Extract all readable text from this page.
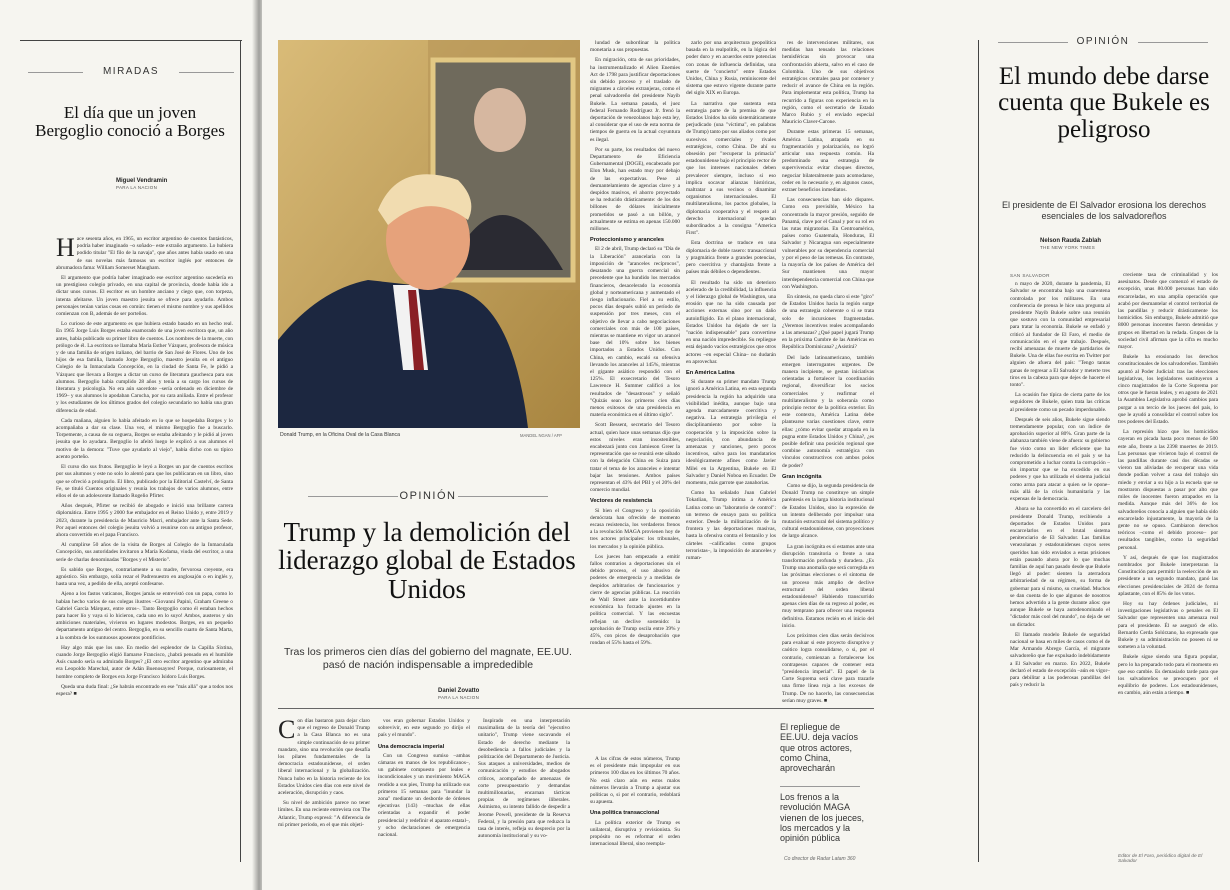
MIRADAS
El día que un joven Bergoglio conoció a Borges
Miguel Vendramin
PARA LA NACION

Hace sesenta años, en 1965, un escritor argentino de cuentos fantásticos, podría haber imaginado –o soñado– este extraño argumento. Lo hubiera podido titular "El filo de la navaja", que años antes había usado en una de sus novelas más famosas un escritor inglés por entonces de abrumadora fama: William Somerset Maugham.

El argumento que podría haber imaginado ese escritor argentino sucedería en un prestigioso colegio privado, en una capital de provincia, donde había ido a dictar unos cursos. El escritor es un hombre anciano y ciego que, con torpeza, intenta afeitarse. Un joven maestro jesuita se ofrece para ayudarlo. Ambos personajes tenían varias cosas en común: tienen el mismo nombre y sus apellidos comienzan con B, además de ser porteños.

Lo curioso de este argumento es que hubiera estado basado en un hecho real. En 1965 Jorge Luis Borges estaba enamorado de una joven escritora que, un año antes, había publicado su primer libro de cuentos. Los nombres de la muerte, con prólogo de él. La escritora se llamaba María Esther Vázquez, profesora de música y de una familia de origen italiano, del barrio de San José de Flores. Uno de los hijos de esa familia, llamado Jorge Bergoglio, maestro jesuita en el antiguo Colegio de la Inmaculada Concepción, en la ciudad de Santa Fe, le pidió a Vázquez que llevara a Borges a dictar un curso de literatura gauchesca para sus alumnos. Bergoglio había cumplido 28 años y tenía a su cargo los cursos de literatura y psicología. No era aún sacerdote –sería ordenado en diciembre de 1969– y sus alumnos lo apodaban Carucha, por su cara aniñada. Entre el profesor y los estudiantes de los últimos grados del colegio secundario no había una gran diferencia de edad.

Cada mañana, alguien lo había afeitado en lo que se hospedaba Borges y lo acompañaba a dar su clase. Una vez, el mismo Bergoglio fue a buscarlo. Torpemente, a causa de su ceguera, Borges se estaba afeitando y le pidió al joven jesuita que lo ayudara. Bergoglio lo afeitó luego le explicó a sus alumnos el motivo de la demora: "Tuve que ayudarlo al viejo", había dicho con su típico acento porteño.

El curso dio sus frutos. Bergoglio le leyó a Borges un par de cuentos escritos por sus alumnos y este no solo lo alentó para que los publicaran en un libro, sino que se ofreció a prologarlo. El libro, publicado por la Editorial Castelví, de Santa Fe, se tituló Cuentos originales y reunía los trabajos de varios alumnos, entre ellos el de un adolescente llamado Rogelio Pfirter.

Años después, Pfirter se recibió de abogado e inició una brillante carrera diplomática. Entre 1995 y 2000 fue embajador en el Reino Unido y, entre 2019 y 2023, durante la presidencia de Mauricio Macri, embajador ante la Santa Sede. Por aquel entonces del colegio jesuita volvió a reunirse con su antiguo profesor, ahora convertido en el papa Francisco.

Al cumplirse 50 años de la visita de Borges al Colegio de la Inmaculada Concepción, sus autoridades invitaron a María Kodama, viuda del escritor, a una serie de charlas denominadas "Borges y el Misterio".

Es sabido que Borges, contrariamente a su madre, fervorosa creyente, era agnóstico. Sin embargo, solía rezar el Padrenuestro en anglosajón o en inglés y, hasta una vez, a pedido de ella, aceptó confesarse.

Ajeno a los fastos vaticanos, Borges jamás se entrevistó con un papa, como lo habían hecho varios de sus colegas ilustres –Giovanni Papini, Graham Greene o Gabriel García Márquez, entre otros–. Tanto Bergoglio como él estaban hechos para hacer lío y vaya si lo hicieron, cada uno en lo suyo! Ambos, austeros y sin ambiciones materiales, vivieron en lugares modestos. Borges, en un pequeño departamento antiguo del centro. Bergoglio, en su sencillo cuarto de Santa Marta, a la sombra de los suntuosos aposentos pontificios.

Hay algo más que los une. En medio del esplendor de la Capilla Sixtina, cuando Jorge Bergoglio eligió llamarse Francisco, ¿habrá pensado en el humilde Asís cuando sería su admirado Borges? ¿El otro escritor argentino que admiraba era Leopoldo Marechal, autor de Adán Buenosayres! Porque, curiosamente, el hombre completo de Borges era Jorge Francisco Isidoro Luis Borges.

Queda una duda final: ¿Se habrán encontrado en ese "más allá" que a todos nos espera? ■

Donald Trump, en la Oficina Oval de la Casa Blanca	MANDEL NGAN / AFP
OPINIÓN
Trump y la demolición del liderazgo global de Estados Unidos
Tras los primeros cien días del gobierno del magnate, EE.UU. pasó de nación indispensable a imprededible
Daniel Zovatto
PARA LA NACION

Con días bastaron para dejar claro que el regreso de Donald Trump a la Casa Blanca no es una simple continuación de su primer mandato, sino una revolución que desafía los pilares fundamentales de la democracia estadounidense, el orden liberal internacional y la globalización. Nunca hubo en la historia reciente de los Estados Unidos cien días con este nivel de aceleración, disrupción y caos.

Su nivel de ambición parece no tener límites. En una reciente entrevista con The Atlantic, Trump expresó: "A diferencia de mi primer periodo, en el que mis objeti-

vos eran gobernar Estados Unidos y sobrevivir, en este segundo yo dirijo el país y el mundo".

Una democracia imperial

Con un Congreso sumiso –ambas cámaras en manos de los republicanos–, un gabinete compuesto por leales e incondicionales y un movimiento MAGA rendido a sus pies, Trump ha utilizado sus primeros 15 semanas para "inundar la zona" mediante un desborde de órdenes ejecutivas (143) –muchas de ellas orientadas a expandir el poder presidencial y redefinir el aparato estatal–, y ocho declaraciones de emergencia nacional.

Inspirado en una interpretación maximalista de la teoría del "ejecutivo unitario", Trump viene socavando el Estado de derecho mediante la desobediencia a fallos judiciales y la politización del Departamento de Justicia. Sus ataques a universidades, medios de comunicación y estudios de abogados críticos, acompañado de amenazas de corte presupuestario y demandas multimillonarias, encarnan tácticas propias de regímenes iliberales. Asimismo, su intento fallido de despedir a Jerome Powell, presidente de la Reserva Federal, y la presión para que reduzca la tasa de interés, refleja su desprecio por la autonomía institucional y su vo-

lundad de subordinar la política monetaria a sus propuestas.

En migración, otra de sus prioridades, ha instrumentalizado el Alien Enemies Act de 1798 para justificar deportaciones sin debido proceso y el traslado de migrantes a cárceles extranjeras, como el penal salvadoreño del presidente Nayib Bukele. La semana pasada, el juez federal Fernando Rodríguez Jr. frenó la deportación de venezolanos bajo esta ley, al considerar que el uso de esta norma de tiempos de guerra en la actual coyuntura es ilegal.

Por su parte, los resultados del nuevo Departamento de Eficiencia Gubernamental (DOGE), encabezado por Elon Musk, han estado muy por debajo de las expectativas. Pese al desmantelamiento de agencias clave y a despidos masivos, el ahorro proyectado se ha reducido drásticamente: de los dos billones de dólares inicialmente prometidos se pasó a un billón, y actualmente se estima en apenas 150.000 millones.

Proteccionismo y aranceles

El 2 de abril, Trump declaró su "Día de la Liberación" arancelaria con la imposición de "aranceles recíprocos", desatando una guerra comercial sin precedente que ha hundido los mercados financieros, desacelerado la economía global y norteamericana y aumentado el riesgo inflacionario. Fiel a su estilo, pocos días después subió un período de suspensión por tres meses, con el objetivo de llevar a cabo negociaciones comerciales con más de 100 países, mientras se mantiene en vigor un arancel base del 10% sobre los bienes importados a Estados Unidos. Con China, en cambio, escaló su ofensiva llevando los aranceles al 145%, mientras el gigante asiático respondió con el 125%. El exsecretario del Tesoro Lawrence H. Summer calificó a los resultados de "desastrosos" y señaló "Quizás sean los primeros cien días menos exitosos de una presidencia en materia económica en el último siglo".

Scott Bessent, secretario del Tesoro actual, quien hace unas semanas dijo que estos niveles eran insostenibles, encabezará junto con Jamieson Greer la representación que se reunirá este sábado con la delegación China en Suiza para tratar el tema de los aranceles e intentar bajar las tensiones. Ambos países representan el 43% del PBI y el 20% del comercio mundial.

Vectores de resistencia

Si bien el Congreso y la oposición demócrata han ofrecido de momento escasa resistencia, los verdaderos frenos a la revolución MAGA provienen hoy de tres actores principales: los tribunales, los mercados y la opinión pública.

Los jueces han empezado a emitir fallos contrarios a deportaciones sin el debido proceso, el uso abusivo de poderes de emergencia y a medidas de despidos arbitrarios de funcionarios y cierre de agencias públicas. La reacción de Wall Street ante la incertidumbre económica ha forzado ajustes en la política comercial. Y las encuestas reflejan un declive sostenido: la aprobación de Trump oscila entre 39% y 45%, con picos de desaprobación que rondan el 55% hasta el 59%.

A las cifras de estos números, Trump es el presidente más impopular en sus primeros 100 días en los últimos 70 años. No está claro aún en estos malos números llevarán a Trump a ajustar sus políticas o, si por el contrario, redoblará su apuesta.

Una política transaccional

La política exterior de Trump es unilateral, disruptiva y revisionista. Su propósito no es reformar el orden internacional liberal, sino reempla-

zarlo por una arquitectura geopolítica basada en la realpolitik, en la lógica del poder duro y en acuerdos entre potencias con zonas de influencia definidas, una suerte de "concierto" entre Estados Unidos, China y Rusia, reminiscente del sistema que estuvo vigente durante parte del siglo XIX en Europa.

La narrativa que sustenta esta estrategia parte de la premisa de que Estados Unidos ha sido sistemáticamente perjudicado (una "víctima", en palabras de Trump) tanto por sus aliados como por sucesivos comerciales y rivales estratégicos, como China. De ahí su obsesión por "recuperar la primacía" estadounidense bajo el principio rector de que los intereses nacionales deben prevalecer siempre, incluso si eso implica socavar alianzas históricas, maltratar a sus vecinos o dinamitar organismos internacionales. El multilateralismo, los pactos globales, la diplomacia cooperativa y el respeto al derecho internacional quedan subordinados a la consigna "America First".

Esta doctrina se traduce en una diplomacia de doble rasero: transaccional y pragmática frente a grandes potencias, pero coercitiva y chantajista frente a países más débiles o dependientes.

El resultado ha sido un deterioro acelerado de la credibilidad, la influencia y el liderazgo global de Washington, una erosión que no ha sido causada por acciones externas sino por un daño autoinfligido. En el plano internacional, Estados Unidos ha dejado de ser la "nación indispensable" para convertirse en una nación impredecible. Su repliegue está dejando vacíos estratégicos que otros actores –en especial China– no dudarán en aprovechar.

En América Latina

Si durante su primer mandato Trump ignoró a América Latina, en esta segunda presidencia la región ha adquirido una visibilidad inédita, aunque bajo una agenda marcadamente coercitiva y negativa. La estrategia privilegia el disciplinamiento por sobre la cooperación y la imposición sobre la negociación, con abundancia de amenazas y sanciones, pero pocos incentivos, salvo para los mandatarios ideológicamente afines como Javier Milei en la Argentina, Bukele en El Salvador y Daniel Noboa en Ecuador. De momento, más garrote que zanahorias.

Como ha señalado Juan Gabriel Tokatlian, Trump intima a América Latina como un "laboratorio de control": un terreno de ensayo para su política exterior. Desde la militarización de la frontera y las deportaciones masivas, hasta la ofensiva contra el fentanilo y los cárteles –calificados como grupos terroristas–, la imposición de aranceles y ruman-

res de intervenciones militares, sus medidas han tensado las relaciones hemisféricas sin provocar una confrontación abierta, salvo en el caso de Colombia. Uno de sus objetivos estratégicos centrales pasa por contener y reducir el avance de China en la región. Para implementar esta política, Trump ha recurrido a figuras con experiencia en la región, como el secretario de Estado Marco Rubio y el enviado especial Mauricio Claver-Carone.

Durante estas primeras 15 semanas, América Latina, atrapada en su fragmentación y polarización, no logró articular una respuesta común. Ha predominado una estrategia de supervivencia: evitar choques directos, negociar bilateralmente para acomodarse, ceder en lo necesario y, en algunos casos, extraer beneficios inmediatos.

Las consecuencias han sido dispares. Como era previsible, México ha concentrado la mayor presión, seguido de Panamá, clave por el Canal y por su rol en las rutas migratorias. En Centroamérica, países como Guatemala, Honduras, El Salvador y Nicaragua son especialmente vulnerables por su dependencia comercial y por el peso de las remesas. En contraste, la mayoría de los países de América del Sur mantienen una mayor interdependencia comercial con China que con Washington.

En síntesis, no queda claro si este "giro" de Estados Unidos hacia la región surge de una estrategia coherente o si se trata solo de incursiones fragmentadas. ¿Veremos incentivos reales acompañando a las amenazas? ¿Qué papel jugará Trump en la próxima Cumbre de las Américas en República Dominicana? ¿Asistirá?

Del lado latinoamericano, también emergen interrogantes urgentes. De manera incipiente, se gestan iniciativas orientadas a fortalecer la coordinación regional, diversificar los socios comerciales y reafirmar el multilateralismo y la soberanía como principio rector de la política exterior. En este contexto, América Latina debe plantearse varias cuestiones clave, entre ellas: ¿cómo evitar quedar atrapada en la pugna entre Estados Unidos y China?, ¿es posible definir una posición regional que combine autonomía estratégica con vínculos constructivos con ambos polos de poder?

Gran incógnita

Como se dijo, la segunda presidencia de Donald Trump no constituye un simple paréntesis en la larga historia institucional de Estados Unidos, sino la expresión de un intento deliberado por impulsar una mutación estructural del sistema político y cultural estadounidense, con proyecciones de largo alcance.

La gran incógnita es si estamos ante una disrupción transitoria o frente a una transformación profunda y duradera. ¿Es Trump una anomalía que será corregida en las próximas elecciones o el síntoma de un proceso más amplio de declive estructural del orden liberal estadounidense? Habiendo transcurrido apenas cien días de su regreso al poder, es muy temprano para ofrecer una respuesta definitiva. Estamos recién en el inicio del inicio.

Los próximos cien días serán decisivos para evaluar si este proyecto disruptivo y caótico logra consolidarse, o si, por el contrario, comienzan a fortalecerse los contrapesos capaces de contener esta "presidencia imperial". El papel de la Corte Suprema será clave para trazarle una firme línea roja a los excesos de Trump. De no hacerlo, las consecuencias serían muy graves. ■

Co director de Radar Latam 360
El repliegue de EE.UU. deja vacíos que otros actores, como China, aprovecharán
Los frenos a la revolución MAGA vienen de los jueces, los mercados y la opinión pública
OPINIÓN
El mundo debe darse cuenta que Bukele es peligroso
El presidente de El Salvador erosiona los derechos esenciales de los salvadoreños
Nelson Rauda Zablah
THE NEW YORK TIMES
SAN SALVADOR

n mayo de 2020, durante la pandemia, El Salvador se encontraba bajo una cuarentena controlada por los militares. En una conferencia de prensa le hice una pregunta al presidente Nayib Bukele sobre una reunión que sostuvo con la comunidad empresarial para tratar la economía. Bukele se enfadó y criticó al fundador de El Faro, el medio de comunicación en el que trabajo. Después, recibí amenazas de muerte de partidarios de Bukele. Una de ellas fue escrita en Twitter por alguien de afuera del país: "Tengo tantas ganas de regresar a El Salvador y meterte tres tiros en la cabeza para que dejes de hacerte el tonto".

La ocasión fue típica de cierta parte de los seguidores de Bukele, quien trata las críticas al presidente como un pecado imperdonable.

Después de seis años, Bukele sigue siendo tremendamente popular, con un índice de aprobación superior al 80%. Gran parte de la alabanza también viene de afuera: su gobierno fue visto como un líder eficiente que ha reducido la delincuencia en el país y se ha comprometido a luchar contra la corrupción –sin importar que se ha excedido en sus poderes y que ha utilizado el sistema judicial como arma para atacar a quien se le opone– más allá de la crisis humanitaria y las expensas de la democracia.

Ahora se ha convertido en el carcelero del presidente Donald Trump, recibiendo a deportados de Estados Unidos para encarcelarlos en el brutal sistema penitenciario de El Salvador. Las familias venezolanas y estadounidenses cuyos seres queridos han sido enviados a estas prisiones están pasando ahora por lo que muchas familias de aquí han pasado desde que Bukele llegó al poder: sienten la aterradora arbitrariedad de su régimen, su forma de gobernar para sí mismo, su crueldad. Muchos se dan cuenta de lo que algunos de nosotros hemos advertido a la gente durante años: que aunque Bukele se haya autodenominado el "dictador más cool del mundo", no deja de ser un dictador.

El llamado modelo Bukele de seguridad nacional se basa en miles de casos como el de Mar Armando Abrego García, el migrante salvadoreño que fue expulsado indebidamente a El Salvador en marzo. En 2022, Bukele declaró el estado de excepción –aún en vigor– para debilitar a las poderosas pandillas del país y reducir la

creciente tasa de criminalidad y los asesinatos. Desde que comenzó el estado de excepción, unas 80.000 personas han sido encarceladas, en una amplia operación que acabó por desmantelar el control territorial de las pandillas y reducir drásticamente los homicidios. Sin embargo, Bukele admitió que 8000 personas inocentes fueron detenidas y grupos en libertad en la redada. Grupos de la sociedad civil afirman que la cifra es mucho mayor.

Bukele ha erosionado los derechos constitucionales de los salvadoreños. También apuntó al Poder Judicial: tras las elecciones legislativas, los legisladores sustituyeron a cinco magistrados de la Corte Suprema por otros que le fueran leales, y en agosto de 2021 la Asamblea Legislativa aprobó cambios para purgar a un tercio de los jueces del país, lo que le ayudó a consolidar el control sobre los tres poderes del Estado.

La represión hizo que los homicidios cayeran en picada hasta poco menos de 500 este año, frente a las 2398 muertes de 2019. Las personas que vivieron bajo el control de las pandillas durante casi dos décadas se vieron tan aliviadas de recuperar una vida donde podían volver a casa del trabajo sin miedo y enviar a su hijo a la escuela que se mostraron dispuestas a pasar por alto que miles de inocentes fueron atrapados en la medida. Aunque más del 36% de los salvadoreños conocía a alguien que había sido encarcelado injustamente, la mayoría de la gente no se opuso. Cambiaron derechos teóricos –como el debido proceso– por resultados tangibles, como la seguridad personal.

Y así, después de que los magistrados nombrados por Bukele interpretaran la Constitución para permitir la reelección de un presidente a un segundo mandato, ganó las elecciones presidenciales de 2024 de forma aplastante, con el 85% de los votos.

Hoy su hay órdenes judiciales, ni investigaciones legislativas o penales en El Salvador que representen una amenaza real para el presidente. Él se aseguró de ello. Bernardo Cerda Solórzano, ha expresado que Bukele y su administración no poseen ni se someten a la voluntad.

Bukele sigue siendo una figura popular, pero lo ha preparado todo para el momento en que eso cambie. Es demasiado tarde para que los salvadoreños se preocupen por el equilibrio de poderes. Los estadounidenses, en cambio, aún están a tiempo. ■

Editor de El Faro, periódico digital de El Salvador
